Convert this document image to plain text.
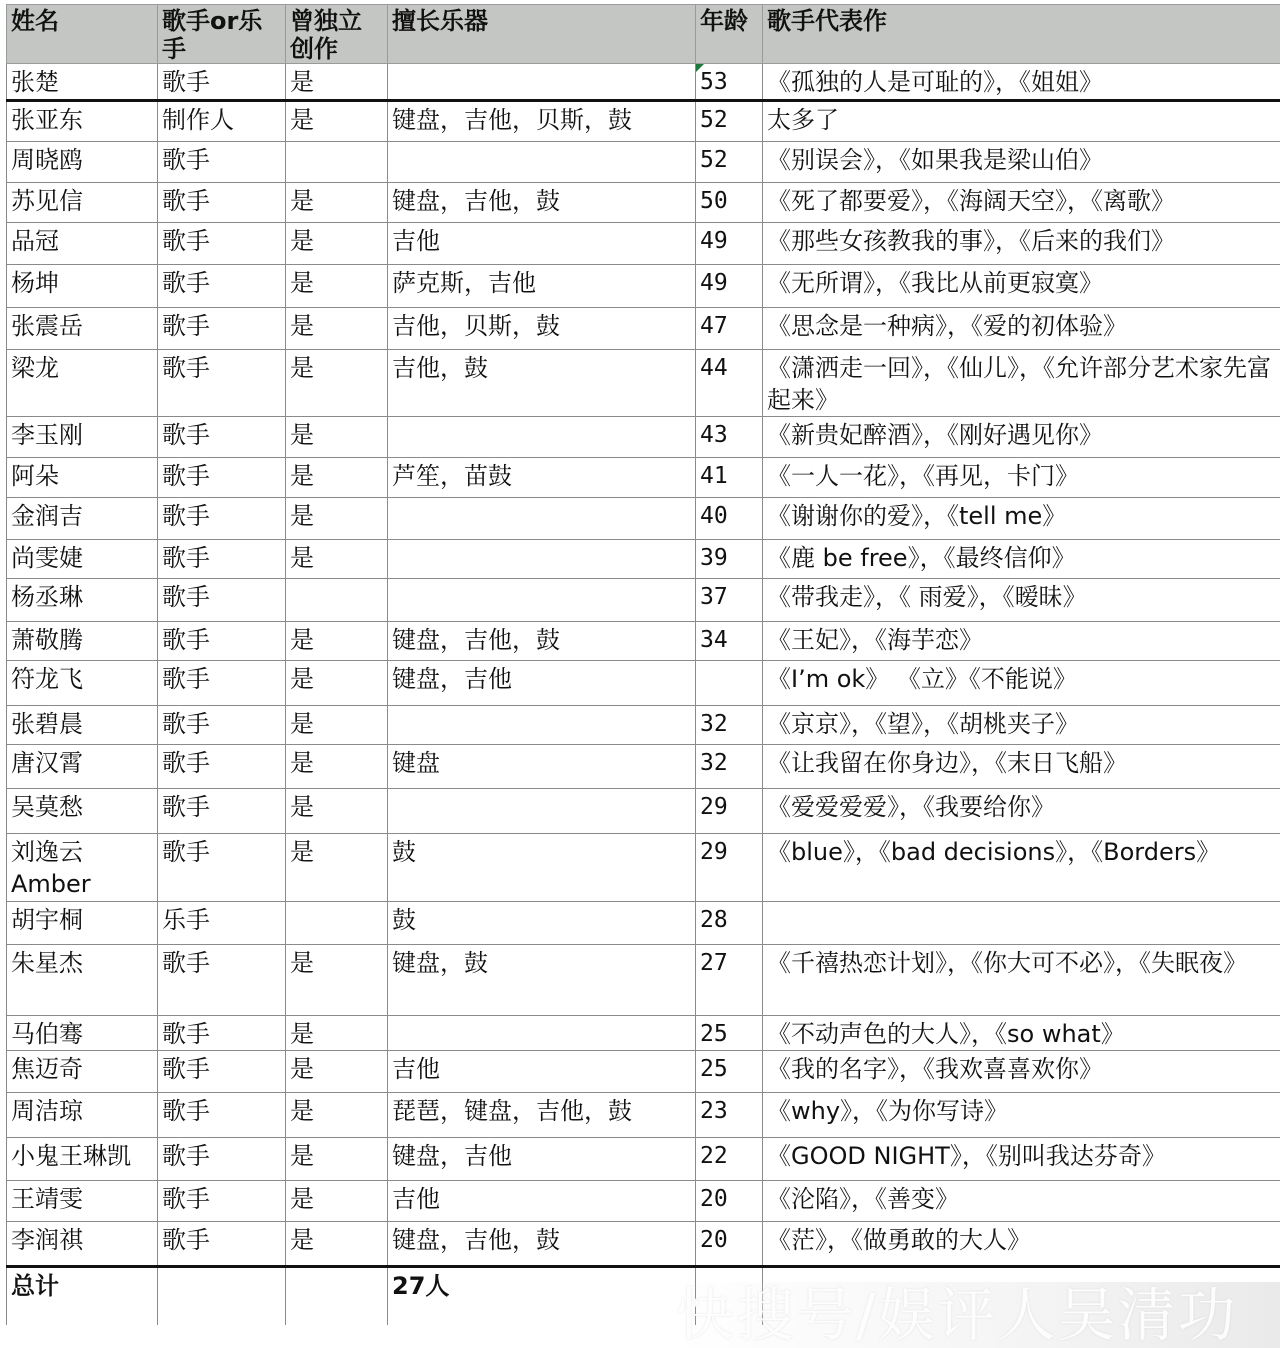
姓名	歌手or乐手	曾独立创作	擅长乐器	年龄	歌手代表作
张楚	歌手	是		53	《孤独的人是可耻的》，《姐姐》
张亚东	制作人	是	键盘，吉他，贝斯，鼓	52	太多了
周晓鸥	歌手			52	《别误会》，《如果我是梁山伯》
苏见信	歌手	是	键盘，吉他，鼓	50	《死了都要爱》，《海阔天空》，《离歌》
品冠	歌手	是	吉他	49	《那些女孩教我的事》，《后来的我们》
杨坤	歌手	是	萨克斯，吉他	49	《无所谓》，《我比从前更寂寞》
张震岳	歌手	是	吉他，贝斯，鼓	47	《思念是一种病》，《爱的初体验》
梁龙	歌手	是	吉他，鼓	44	《潇洒走一回》，《仙儿》，《允许部分艺术家先富起来》
李玉刚	歌手	是		43	《新贵妃醉酒》，《刚好遇见你》
阿朵	歌手	是	芦笙，苗鼓	41	《一人一花》，《再见，卡门》
金润吉	歌手	是		40	《谢谢你的爱》，《tell me》
尚雯婕	歌手	是		39	《鹿 be free》，《最终信仰》
杨丞琳	歌手			37	《带我走》，《 雨爱》，《暧昧》
萧敬腾	歌手	是	键盘，吉他，鼓	34	《王妃》，《海芋恋》
符龙飞	歌手	是	键盘，吉他		《I’m ok》 《立》《不能说》
张碧晨	歌手	是		32	《京京》，《望》，《胡桃夹子》
唐汉霄	歌手	是	键盘	32	《让我留在你身边》，《末日飞船》
吴莫愁	歌手	是		29	《爱爱爱爱》，《我要给你》
刘逸云 Amber	歌手	是	鼓	29	《blue》，《bad decisions》，《Borders》
胡宇桐	乐手		鼓	28	
朱星杰	歌手	是	键盘，鼓	27	《千禧热恋计划》，《你大可不必》，《失眠夜》
马伯骞	歌手	是		25	《不动声色的大人》，《so what》
焦迈奇	歌手	是	吉他	25	《我的名字》，《我欢喜喜欢你》
周洁琼	歌手	是	琵琶，键盘，吉他，鼓	23	《why》，《为你写诗》
小鬼王琳凯	歌手	是	键盘，吉他	22	《GOOD NIGHT》，《别叫我达芬奇》
王靖雯	歌手	是	吉他	20	《沦陷》，《善变》
李润祺	歌手	是	键盘，吉他，鼓	20	《茫》，《做勇敢的大人》
总计			27人			快搜号/娱评人吴清功
